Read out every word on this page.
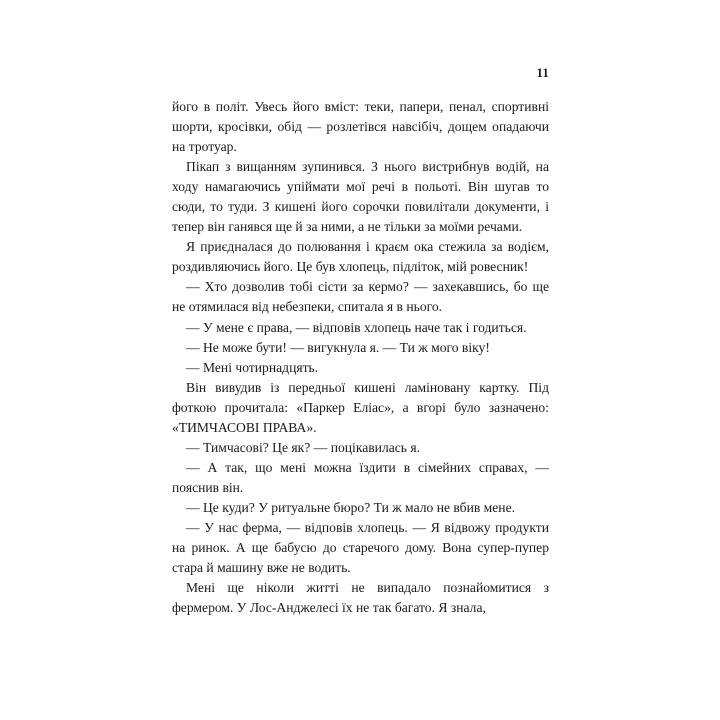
11

його в політ. Увесь його вміст: теки, папери, пенал, спортивні шорти, кросівки, обід — розлетівся навсібіч, дощем опадаючи на тротуар.

Пікап з вищанням зупинився. З нього вистрибнув водій, на ходу намагаючись упіймати мої речі в польоті. Він шугав то сюди, то туди. З кишені його сорочки повилітали документи, і тепер він ганявся ще й за ними, а не тільки за моїми речами.

Я приєдналася до полювання і краєм ока стежила за водієм, роздивляючись його. Це був хлопець, підліток, мій ровесник!

— Хто дозволив тобі сісти за кермо? — захекавшись, бо ще не отямилася від небезпеки, спитала я в нього.

— У мене є права, — відповів хлопець наче так і годиться.

— Не може бути! — вигукнула я. — Ти ж мого віку!

— Мені чотирнадцять.

Він вивудив із передньої кишені ламіновану картку. Під фоткою прочитала: «Паркер Еліас», а вгорі було зазначено: «ТИМЧАСОВІ ПРАВА».

— Тимчасові? Це як? — поцікавилась я.

— А так, що мені можна їздити в сімейних справах, — пояснив він.

— Це куди? У ритуальне бюро? Ти ж мало не вбив мене.

— У нас ферма, — відповів хлопець. — Я відвожу продукти на ринок. А ще бабусю до старечого дому. Вона супер-пупер стара й машину вже не водить.

Мені ще ніколи житті не випадало познайомитися з фермером. У Лос-Анджелесі їх не так багато. Я знала,
